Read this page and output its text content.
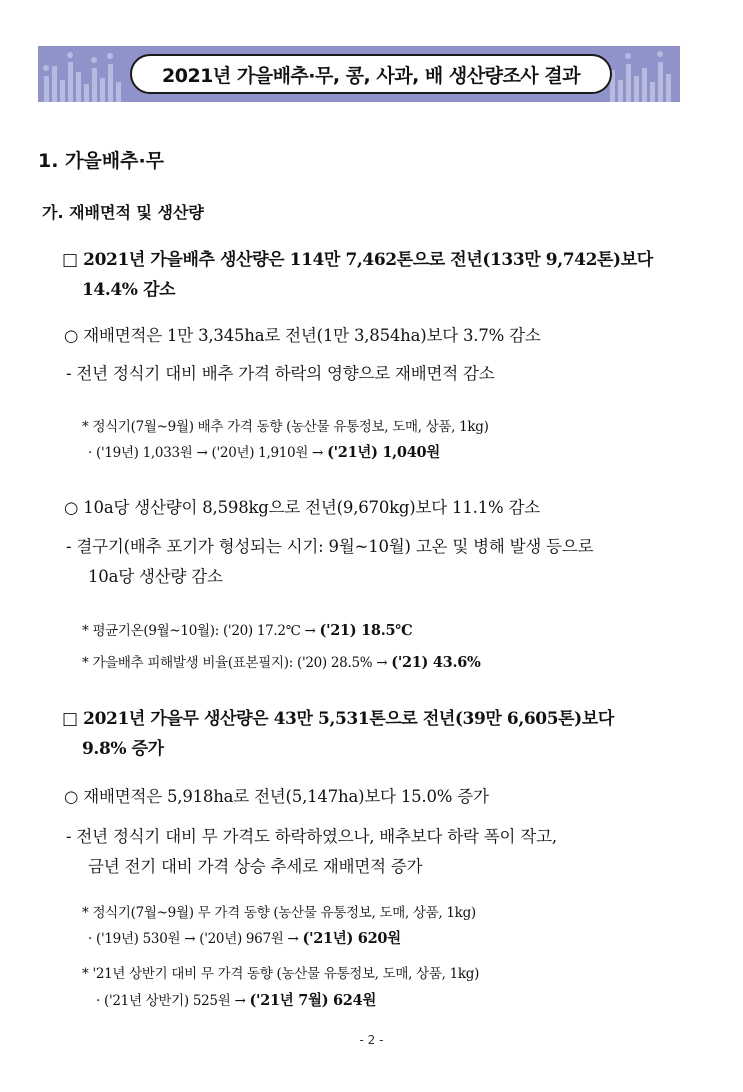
2021년 가을배추·무, 콩, 사과, 배 생산량조사 결과
1. 가을배추·무
가. 재배면적 및 생산량
□ 2021년 가을배추 생산량은 114만 7,462톤으로 전년(133만 9,742톤)보다
14.4% 감소
○ 재배면적은 1만 3,345ha로 전년(1만 3,854ha)보다 3.7% 감소
- 전년 정식기 대비 배추 가격 하락의 영향으로 재배면적 감소
* 정식기(7월~9월) 배추 가격 동향 (농산물 유통정보, 도매, 상품, 1kg)
· ('19년) 1,033원 → ('20년) 1,910원 → ('21년) 1,040원
○ 10a당 생산량이 8,598kg으로 전년(9,670kg)보다 11.1% 감소
- 결구기(배추 포기가 형성되는 시기: 9월~10월) 고온 및 병해 발생 등으로
10a당 생산량 감소
* 평균기온(9월~10월): ('20) 17.2℃ → ('21) 18.5℃
* 가을배추 피해발생 비율(표본필지): ('20) 28.5% → ('21) 43.6%
□ 2021년 가을무 생산량은 43만 5,531톤으로 전년(39만 6,605톤)보다
9.8% 증가
○ 재배면적은 5,918ha로 전년(5,147ha)보다 15.0% 증가
- 전년 정식기 대비 무 가격도 하락하였으나, 배추보다 하락 폭이 작고,
금년 전기 대비 가격 상승 추세로 재배면적 증가
* 정식기(7월~9월) 무 가격 동향 (농산물 유통정보, 도매, 상품, 1kg)
· ('19년) 530원 → ('20년) 967원 → ('21년) 620원
* '21년 상반기 대비 무 가격 동향 (농산물 유통정보, 도매, 상품, 1kg)
· ('21년 상반기) 525원 → ('21년 7월) 624원
- 2 -
